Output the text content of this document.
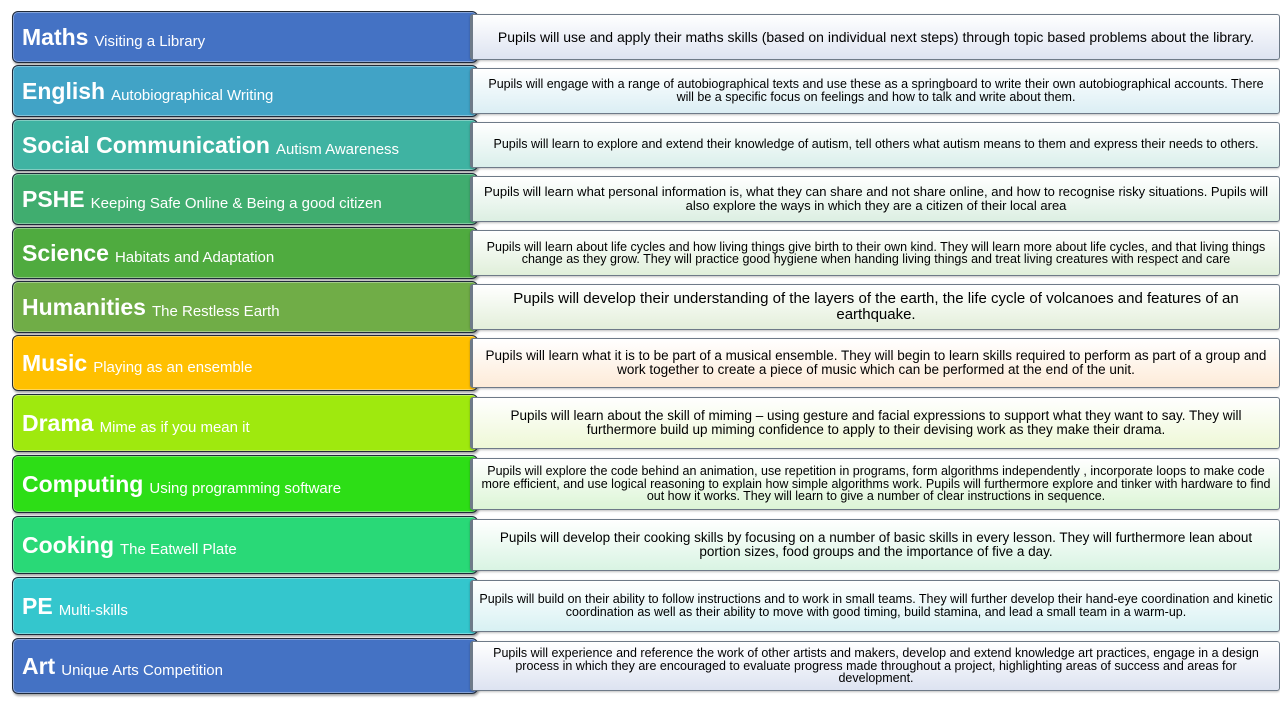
Maths Visiting a Library	Pupils will use and apply their maths skills (based on individual next steps) through topic based problems about the library.
English Autobiographical Writing
Pupils will engage with a range of autobiographical texts and use these as a springboard to write their own autobiographical accounts. There will be a specific focus on feelings and how to talk and write about them.
Social Communication Autism Awareness	Pupils will learn to explore and extend their knowledge of autism, tell others what autism means to them and express their needs to others.
PSHE Keeping Safe Online & Being a good citizen
Pupils will learn what personal information is, what they can share and not share online, and how to recognise risky situations. Pupils will also explore the ways in which they are a citizen of their local area
Science Habitats and Adaptation
Pupils will learn about life cycles and how living things give birth to their own kind. They will learn more about life cycles, and that living things change as they grow. They will practice good hygiene when handing living things and treat living creatures with respect and care
Humanities The Restless Earth
Pupils will develop their understanding of the layers of the earth, the life cycle of volcanoes and features of an earthquake.
Music Playing as an ensemble
Pupils will learn what it is to be part of a musical ensemble. They will begin to learn skills required to perform as part of a group and work together to create a piece of music which can be performed at the end of the unit.
Drama Mime as if you mean it
Pupils will learn about the skill of miming – using gesture and facial expressions to support what they want to say. They will furthermore build up miming confidence to apply to their devising work as they make their drama.
Computing Using programming software
Pupils will explore the code behind an animation, use repetition in programs, form algorithms independently , incorporate loops to make code more efficient, and use logical reasoning to explain how simple algorithms work. Pupils will furthermore explore and tinker with hardware to find out how it works. They will learn to give a number of clear instructions in sequence.
Cooking The Eatwell Plate
Pupils will develop their cooking skills by focusing on a number of basic skills in every lesson. They will furthermore lean about portion sizes, food groups and the importance of five a day.
PE Multi-skills
Pupils will build on their ability to follow instructions and to work in small teams. They will further develop their hand-eye coordination and kinetic coordination as well as their ability to move with good timing, build stamina, and lead a small team in a warm-up.
Art Unique Arts Competition
Pupils will experience and reference the work of other artists and makers, develop and extend knowledge art practices, engage in a design process in which they are encouraged to evaluate progress made throughout a project, highlighting areas of success and areas for development.
